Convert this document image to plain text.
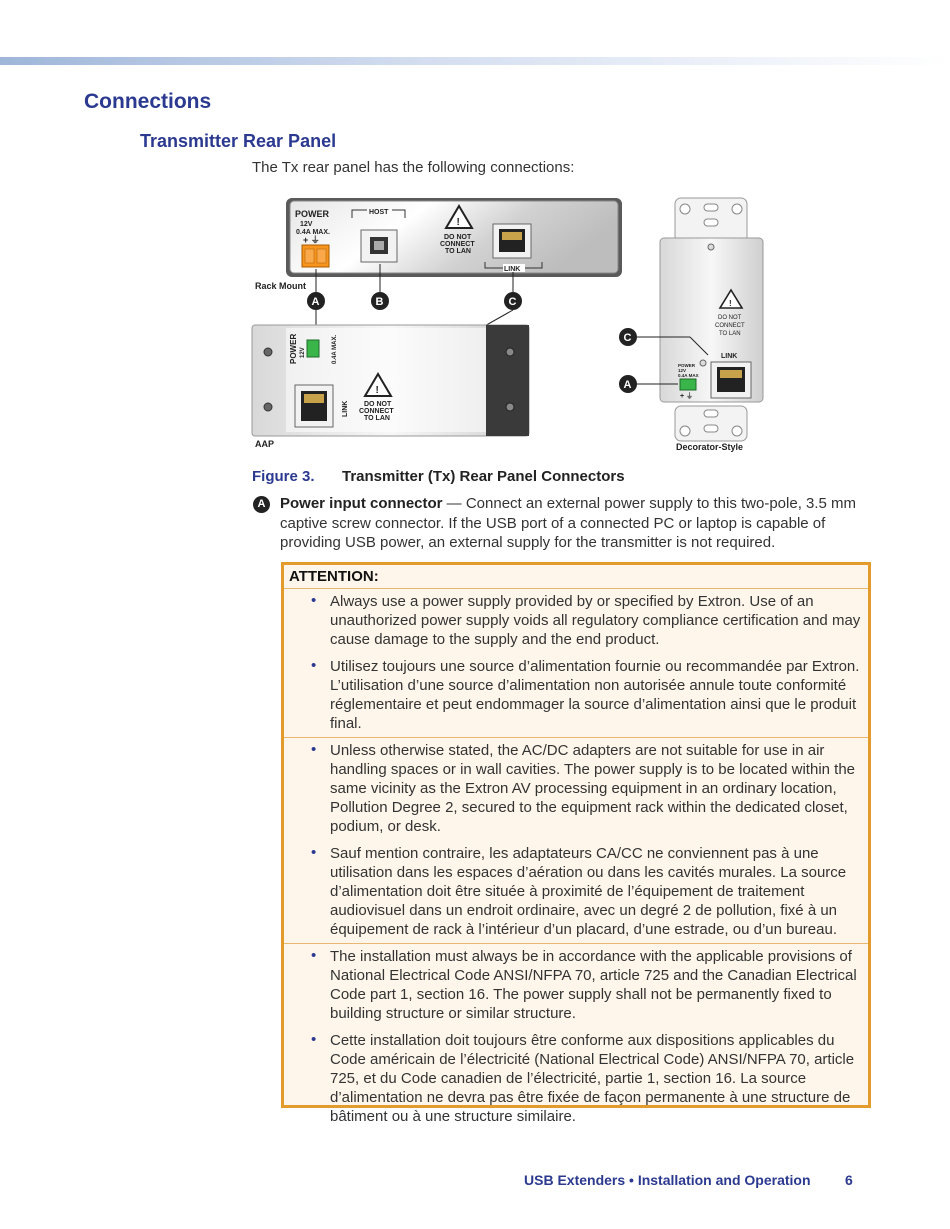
Connections
Transmitter Rear Panel
The Tx rear panel has the following connections:
POWER
12V
0.4A MAX.
+ ⏚
HOST
!
DO NOT
CONNECT
TO LAN
LINK
Rack Mount
A	B	C
POWER 12V	0.4A MAX.
LINK
!
DO NOT
CONNECT
TO LAN
AAP
!
DO NOT
CONNECT
TO LAN
LINK
POWER
12V
0.4A MAX
+ ⏚
Decorator-Style
C
A
Figure 3. Transmitter (Tx) Rear Panel Connectors
A Power input connector — Connect an external power supply to this two-pole, 3.5 mm captive screw connector. If the USB port of a connected PC or laptop is capable of providing USB power, an external supply for the transmitter is not required.
ATTENTION:
• Always use a power supply provided by or specified by Extron. Use of an unauthorized power supply voids all regulatory compliance certification and may cause damage to the supply and the end product.
• Utilisez toujours une source d’alimentation fournie ou recommandée par Extron. L’utilisation d’une source d’alimentation non autorisée annule toute conformité réglementaire et peut endommager la source d’alimentation ainsi que le produit final.
• Unless otherwise stated, the AC/DC adapters are not suitable for use in air handling spaces or in wall cavities. The power supply is to be located within the same vicinity as the Extron AV processing equipment in an ordinary location, Pollution Degree 2, secured to the equipment rack within the dedicated closet, podium, or desk.
• Sauf mention contraire, les adaptateurs CA/CC ne conviennent pas à une utilisation dans les espaces d’aération ou dans les cavités murales. La source d’alimentation doit être située à proximité de l’équipement de traitement audiovisuel dans un endroit ordinaire, avec un degré 2 de pollution, fixé à un équipement de rack à l’intérieur d’un placard, d’une estrade, ou d’un bureau.
• The installation must always be in accordance with the applicable provisions of National Electrical Code ANSI/NFPA 70, article 725 and the Canadian Electrical Code part 1, section 16. The power supply shall not be permanently fixed to building structure or similar structure.
• Cette installation doit toujours être conforme aux dispositions applicables du Code américain de l’électricité (National Electrical Code) ANSI/NFPA 70, article 725, et du Code canadien de l’électricité, partie 1, section 16. La source d’alimentation ne devra pas être fixée de façon permanente à une structure de bâtiment ou à une structure similaire.
USB Extenders • Installation and Operation 6
